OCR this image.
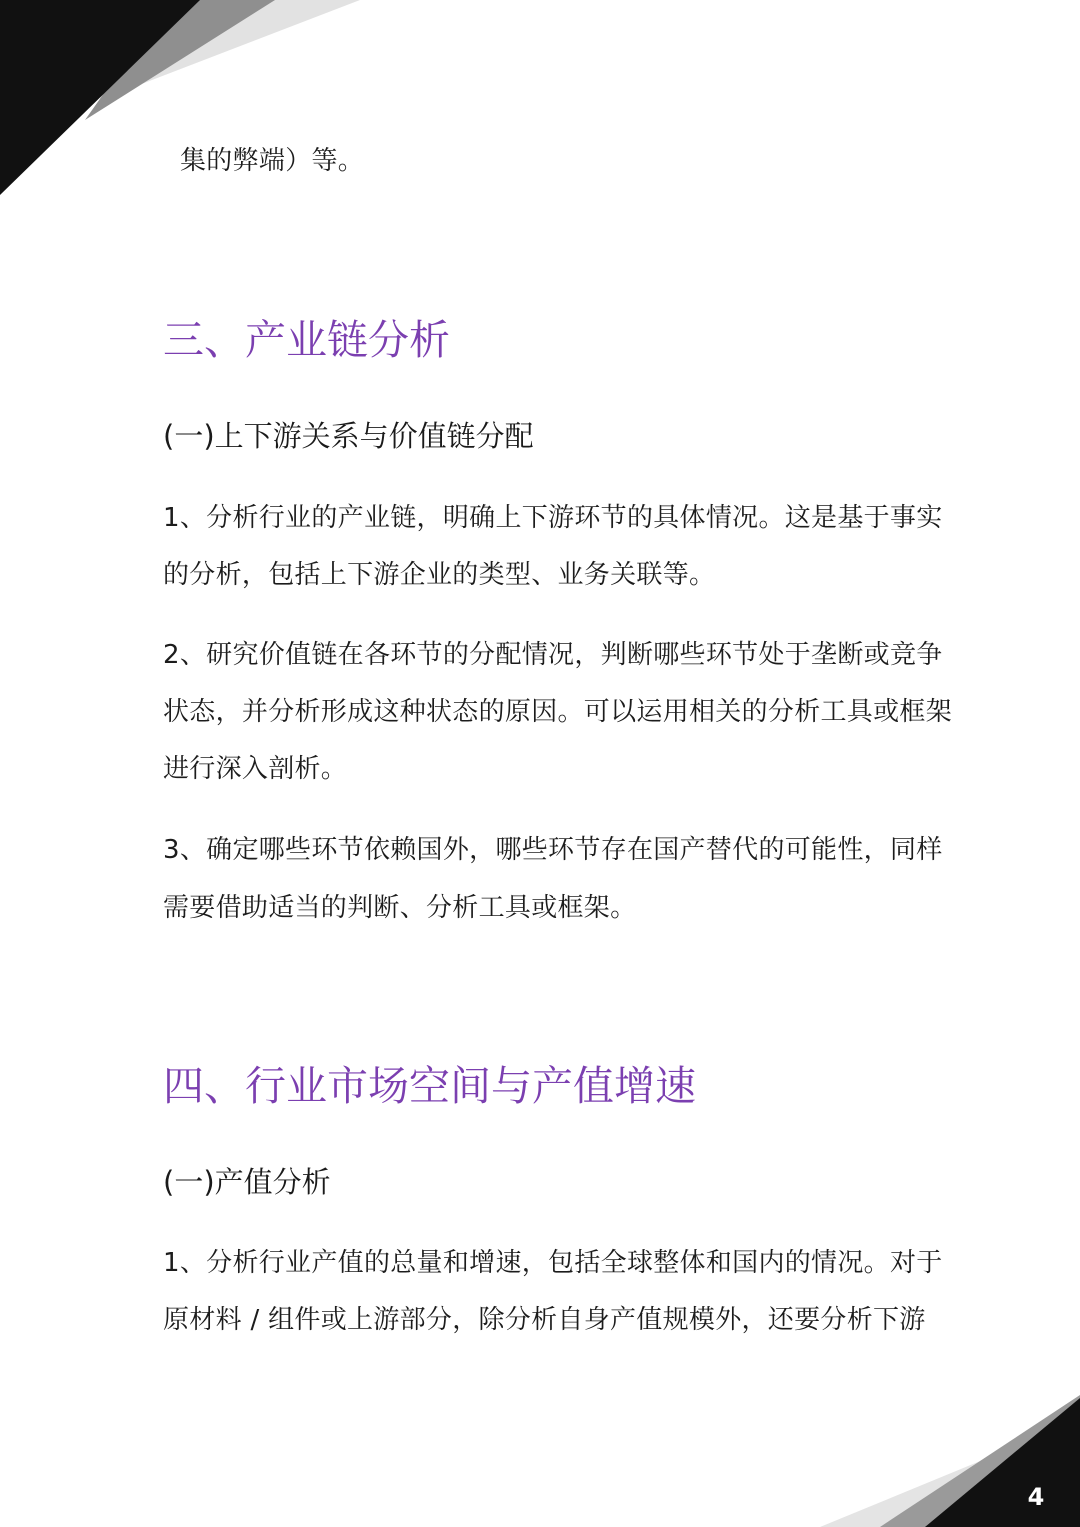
集的弊端）等。

三、产业链分析
(一)上下游关系与价值链分配

1、分析行业的产业链，明确上下游环节的具体情况。这是基于事实

的分析，包括上下游企业的类型、业务关联等。

2、研究价值链在各环节的分配情况，判断哪些环节处于垄断或竞争

状态，并分析形成这种状态的原因。可以运用相关的分析工具或框架

进行深入剖析。

3、确定哪些环节依赖国外，哪些环节存在国产替代的可能性，同样

需要借助适当的判断、分析工具或框架。

四、行业市场空间与产值增速
(一)产值分析

1、分析行业产值的总量和增速，包括全球整体和国内的情况。对于

原材料 / 组件或上游部分，除分析自身产值规模外，还要分析下游

4
